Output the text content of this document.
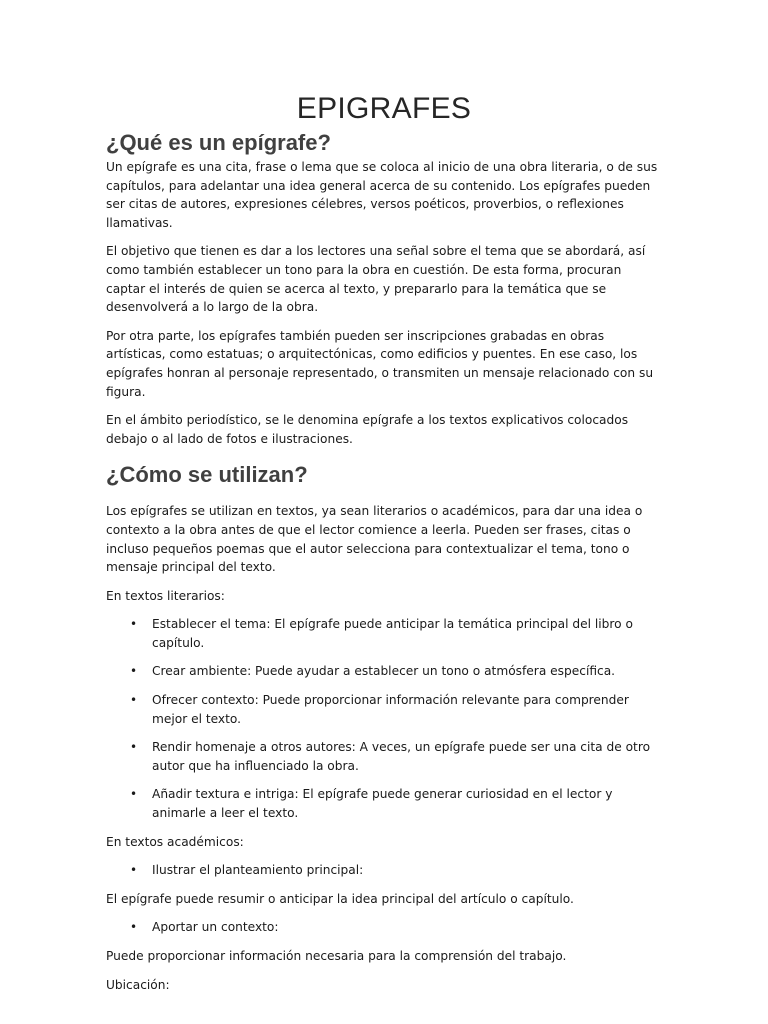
EPIGRAFES
¿Qué es un epígrafe?

Un epígrafe es una cita, frase o lema que se coloca al inicio de una obra literaria, o de sus capítulos, para adelantar una idea general acerca de su contenido. Los epígrafes pueden ser citas de autores, expresiones célebres, versos poéticos, proverbios, o reflexiones llamativas.

El objetivo que tienen es dar a los lectores una señal sobre el tema que se abordará, así como también establecer un tono para la obra en cuestión. De esta forma, procuran captar el interés de quien se acerca al texto, y prepararlo para la temática que se desenvolverá a lo largo de la obra.

Por otra parte, los epígrafes también pueden ser inscripciones grabadas en obras artísticas, como estatuas; o arquitectónicas, como edificios y puentes. En ese caso, los epígrafes honran al personaje representado, o transmiten un mensaje relacionado con su figura.

En el ámbito periodístico, se le denomina epígrafe a los textos explicativos colocados debajo o al lado de fotos e ilustraciones.

¿Cómo se utilizan?

Los epígrafes se utilizan en textos, ya sean literarios o académicos, para dar una idea o contexto a la obra antes de que el lector comience a leerla. Pueden ser frases, citas o incluso pequeños poemas que el autor selecciona para contextualizar el tema, tono o mensaje principal del texto.

En textos literarios:

• Establecer el tema: El epígrafe puede anticipar la temática principal del libro o capítulo.
• Crear ambiente: Puede ayudar a establecer un tono o atmósfera específica.
• Ofrecer contexto: Puede proporcionar información relevante para comprender mejor el texto.
• Rendir homenaje a otros autores: A veces, un epígrafe puede ser una cita de otro autor que ha influenciado la obra.
• Añadir textura e intriga: El epígrafe puede generar curiosidad en el lector y animarle a leer el texto.

En textos académicos:

• Ilustrar el planteamiento principal:

El epígrafe puede resumir o anticipar la idea principal del artículo o capítulo.

• Aportar un contexto:

Puede proporcionar información necesaria para la comprensión del trabajo.

Ubicación:
